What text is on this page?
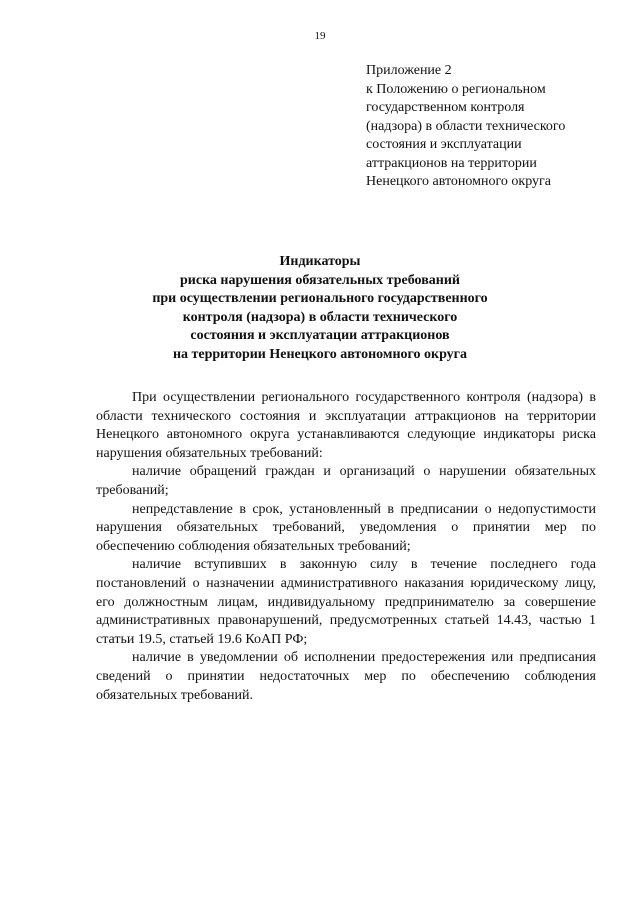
19
Приложение 2
к Положению о региональном
государственном контроля
(надзора) в области технического
состояния и эксплуатации
аттракционов на территории
Ненецкого автономного округа
Индикаторы
риска нарушения обязательных требований
при осуществлении регионального государственного
контроля (надзора) в области технического
состояния и эксплуатации аттракционов
на территории Ненецкого автономного округа

При осуществлении регионального государственного контроля (надзора) в области технического состояния и эксплуатации аттракционов на территории Ненецкого автономного округа устанавливаются следующие индикаторы риска нарушения обязательных требований:

наличие обращений граждан и организаций о нарушении обязательных требований;

непредставление в срок, установленный в предписании о недопустимости нарушения обязательных требований, уведомления о принятии мер по обеспечению соблюдения обязательных требований;

наличие вступивших в законную силу в течение последнего года постановлений о назначении административного наказания юридическому лицу, его должностным лицам, индивидуальному предпринимателю за совершение административных правонарушений, предусмотренных статьей 14.43, частью 1 статьи 19.5, статьей 19.6 КоАП РФ;

наличие в уведомлении об исполнении предостережения или предписания сведений о принятии недостаточных мер по обеспечению соблюдения обязательных требований.
